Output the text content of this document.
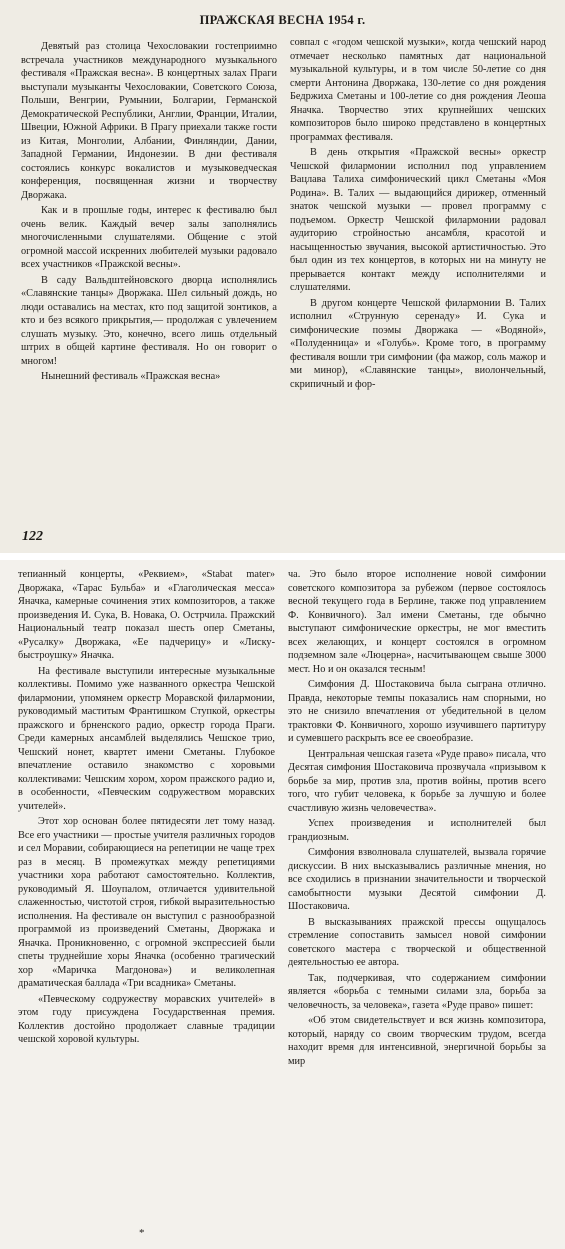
ПРАЖСКАЯ ВЕСНА 1954 г.

Девятый раз столица Чехословакии гостеприимно встречала участников международного музыкального фестиваля «Пражская весна». В концертных залах Праги выступали музыканты Чехословакии, Советского Союза, Польши, Венгрии, Румынии, Болгарии, Германской Демократической Республики, Англии, Франции, Италии, Швеции, Южной Африки. В Прагу приехали также гости из Китая, Монголии, Албании, Финляндии, Дании, Западной Германии, Индонезии. В дни фестиваля состоялись конкурс вокалистов и музыковедческая конференция, посвященная жизни и творчеству Дворжака.

Как и в прошлые годы, интерес к фестивалю был очень велик. Каждый вечер залы заполнялись многочисленными слушателями. Общение с этой огромной массой искренних любителей музыки радовало всех участников «Пражской весны».

В саду Вальдштейновского дворца исполнялись «Славянские танцы» Дворжака. Шел сильный дождь, но люди оставались на местах, кто под защитой зонтиков, а кто и без всякого прикрытия,— продолжая с увлечением слушать музыку. Это, конечно, всего лишь отдельный штрих в общей картине фестиваля. Но он говорит о многом!

Нынешний фестиваль «Пражская весна»

совпал с «годом чешской музыки», когда чешский народ отмечает несколько памятных дат национальной музыкальной культуры, и в том числе 50-летие со дня смерти Антонина Дворжака, 130-летие со дня рождения Бедржиха Сметаны и 100-летие со дня рождения Леоша Яначка. Творчество этих крупнейших чешских композиторов было широко представлено в концертных программах фестиваля.

В день открытия «Пражской весны» оркестр Чешской филармонии исполнил под управлением Вацлава Талиха симфонический цикл Сметаны «Моя Родина». В. Талих — выдающийся дирижер, отменный знаток чешской музыки — провел программу с подъемом. Оркестр Чешской филармонии радовал аудиторию стройностью ансамбля, красотой и насыщенностью звучания, высокой артистичностью. Это был один из тех концертов, в которых ни на минуту не прерывается контакт между исполнителями и слушателями.

В другом концерте Чешской филармонии В. Талих исполнил «Струнную серенаду» И. Сука и симфонические поэмы Дворжака — «Водяной», «Полуденница» и «Голубь». Кроме того, в программу фестиваля вошли три симфонии (фа мажор, соль мажор и ми минор), «Славянские танцы», виолончельный, скрипичный и фор-

122

тепианный концерты, «Реквием», «Stabat mater» Дворжака, «Тарас Бульба» и «Глаголическая месса» Яначка, камерные сочинения этих композиторов, а также произведения И. Сука, В. Новака, О. Острчила. Пражский Национальный театр показал шесть опер Сметаны, «Русалку» Дворжака, «Ее падчерицу» и «Лиску-быстроушку» Яначка.

На фестивале выступили интересные музыкальные коллективы. Помимо уже названного оркестра Чешской филармонии, упомянем оркестр Моравской филармонии, руководимый маститым Франтишком Ступкой, оркестры пражского и брненского радио, оркестр города Праги. Среди камерных ансамблей выделялись Чешское трио, Чешский нонет, квартет имени Сметаны. Глубокое впечатление оставило знакомство с хоровыми коллективами: Чешским хором, хором пражского радио и, в особенности, «Певческим содружеством моравских учителей».

Этот хор основан более пятидесяти лет тому назад. Все его участники — простые учителя различных городов и сел Моравии, собирающиеся на репетиции не чаще трех раз в месяц. В промежутках между репетициями участники хора работают самостоятельно. Коллектив, руководимый Я. Шоупалом, отличается удивительной слаженностью, чистотой строя, гибкой выразительностью исполнения. На фестивале он выступил с разнообразной программой из произведений Сметаны, Дворжака и Яначка. Проникновенно, с огромной экспрессией были спеты труднейшие хоры Яначка (особенно трагический хор «Маричка Магдонова») и великолепная драматическая баллада «Три всадника» Сметаны.

«Певческому содружеству моравских учителей» в этом году присуждена Государственная премия. Коллектив достойно продолжает славные традиции чешской хоровой культуры.

ча. Это было второе исполнение новой симфонии советского композитора за рубежом (первое состоялось весной текущего года в Берлине, также под управлением Ф. Конвичного). Зал имени Сметаны, где обычно выступают симфонические оркестры, не мог вместить всех желающих, и концерт состоялся в огромном подземном зале «Люцерна», насчитывающем свыше 3000 мест. Но и он оказался тесным!

Симфония Д. Шостаковича была сыграна отлично. Правда, некоторые темпы показались нам спорными, но это не снизило впечатления от убедительной в целом трактовки Ф. Конвичного, хорошо изучившего партитуру и сумевшего раскрыть все ее своеобразие.

Центральная чешская газета «Руде право» писала, что Десятая симфония Шостаковича прозвучала «призывом к борьбе за мир, против зла, против войны, против всего того, что губит человека, к борьбе за лучшую и более счастливую жизнь человечества».

Успех произведения и исполнителей был грандиозным.

Симфония взволновала слушателей, вызвала горячие дискуссии. В них высказывались различные мнения, но все сходились в признании значительности и творческой самобытности музыки Десятой симфонии Д. Шостаковича.

В высказываниях пражской прессы ощущалось стремление сопоставить замысел новой симфонии советского мастера с творческой и общественной деятельностью ее автора.

Так, подчеркивая, что содержанием симфонии является «борьба с темными силами зла, борьба за человечность, за человека», газета «Руде право» пишет:

«Об этом свидетельствует и вся жизнь композитора, который, наряду со своим творческим трудом, всегда находит время для интенсивной, энергичной борьбы за мир

*
